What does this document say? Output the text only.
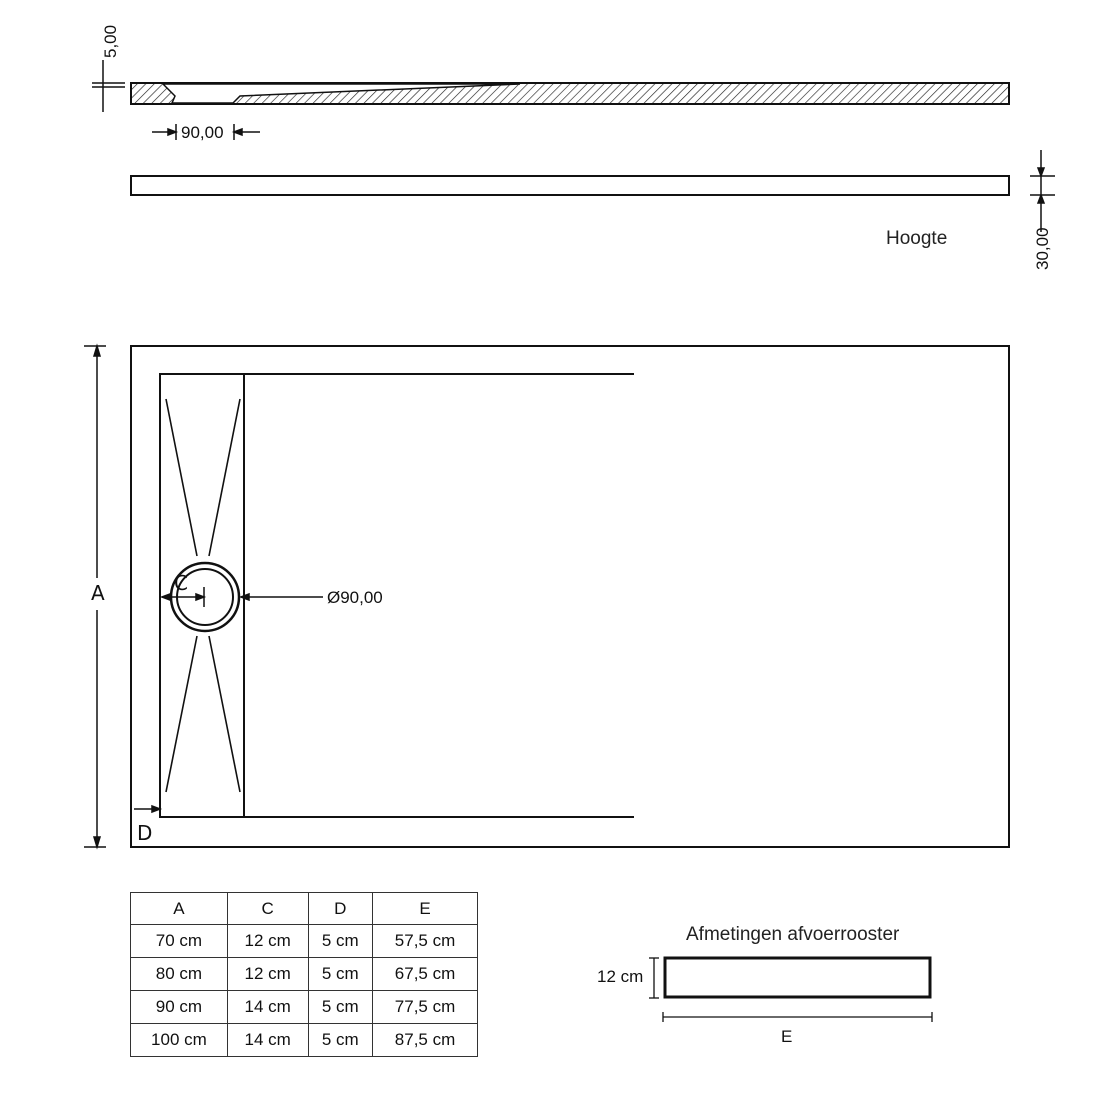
5,00
90,00
30,00
Hoogte
A	C
Ø90,00
D
Afmetingen afvoerrooster
12 cm
E
A	C	D	E
70 cm	12 cm	5 cm	57,5 cm
80 cm	12 cm	5 cm	67,5 cm
90 cm	14 cm	5 cm	77,5 cm
100 cm	14 cm	5 cm	87,5 cm
